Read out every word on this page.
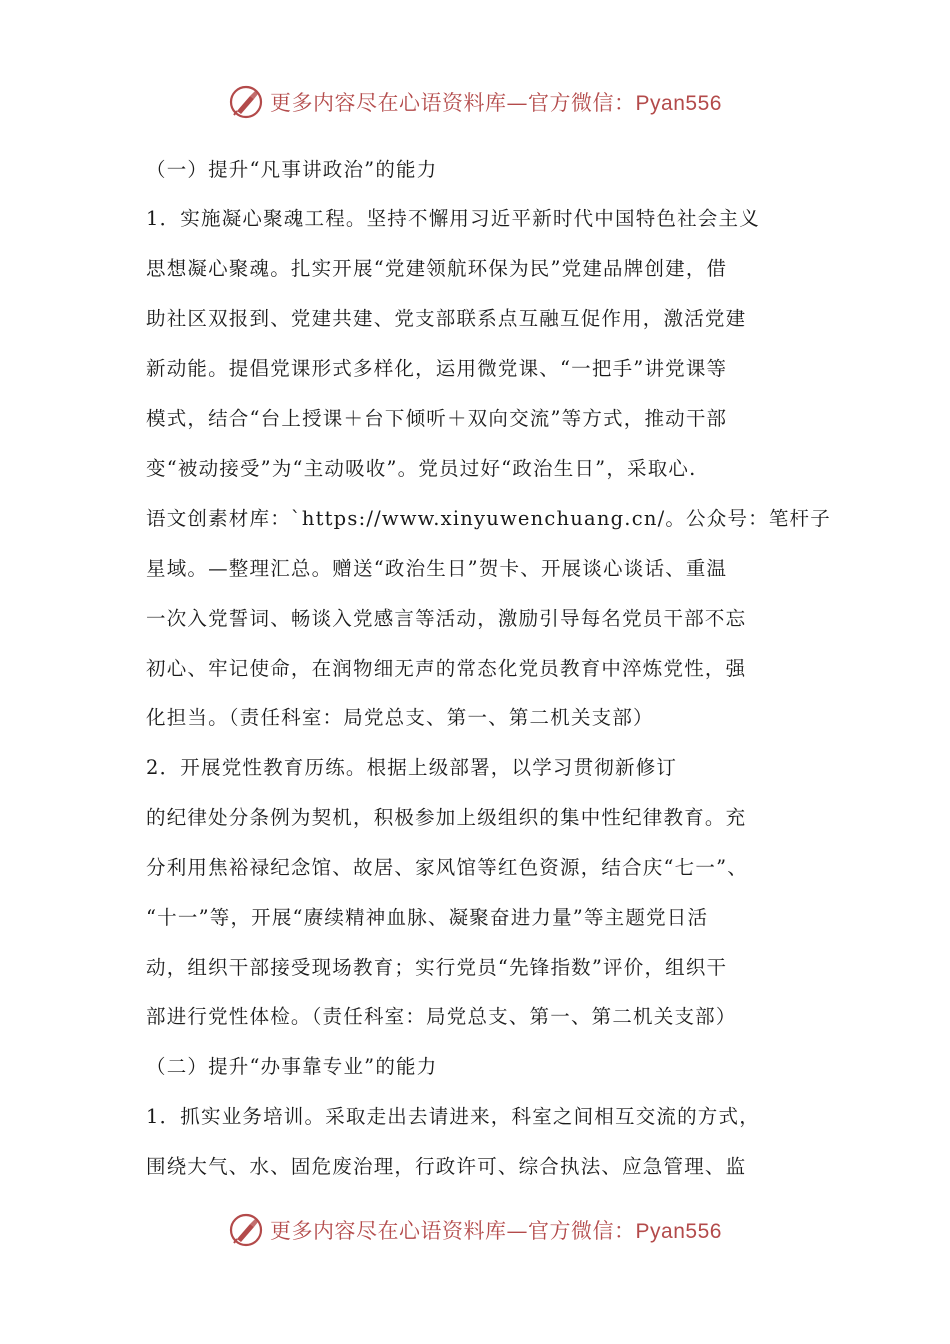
更多内容尽在心语资料库—官方微信：Pyan556
（一）提升“凡事讲政治”的能力
1．实施凝心聚魂工程。坚持不懈用习近平新时代中国特色社会主义
思想凝心聚魂。扎实开展“党建领航环保为民”党建品牌创建，借
助社区双报到、党建共建、党支部联系点互融互促作用，激活党建
新动能。提倡党课形式多样化，运用微党课、“一把手”讲党课等
模式，结合“台上授课＋台下倾听＋双向交流”等方式，推动干部
变“被动接受”为“主动吸收”。党员过好“政治生日”，采取心.
语文创素材库：`https://www.xinyuwenchuang.cn/。公众号：笔杆子
星域。—整理汇总。赠送“政治生日”贺卡、开展谈心谈话、重温
一次入党誓词、畅谈入党感言等活动，激励引导每名党员干部不忘
初心、牢记使命，在润物细无声的常态化党员教育中淬炼党性，强
化担当。（责任科室：局党总支、第一、第二机关支部）
2．开展党性教育历练。根据上级部署，以学习贯彻新修订
的纪律处分条例为契机，积极参加上级组织的集中性纪律教育。充
分利用焦裕禄纪念馆、故居、家风馆等红色资源，结合庆“七一”、
“十一”等，开展“赓续精神血脉、凝聚奋进力量”等主题党日活
动，组织干部接受现场教育；实行党员“先锋指数”评价，组织干
部进行党性体检。（责任科室：局党总支、第一、第二机关支部）
（二）提升“办事靠专业”的能力
1．抓实业务培训。采取走出去请进来，科室之间相互交流的方式，
围绕大气、水、固危废治理，行政许可、综合执法、应急管理、监
更多内容尽在心语资料库—官方微信：Pyan556
